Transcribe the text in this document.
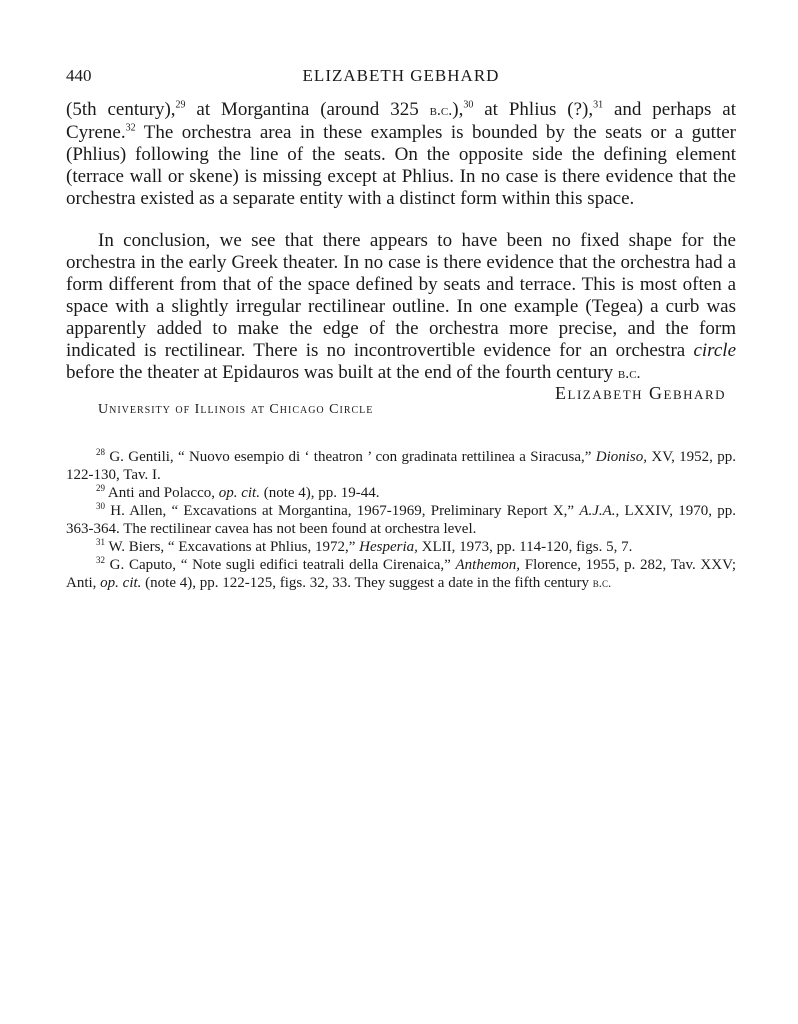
440	ELIZABETH GEBHARD

(5th century),$^{29}$ at Morgantina (around 325 b.c.),$^{30}$ at Phlius (?),$^{31}$ and perhaps at Cyrene.$^{32}$ The orchestra area in these examples is bounded by the seats or a gutter (Phlius) following the line of the seats. On the opposite side the defining element (terrace wall or skene) is missing except at Phlius. In no case is there evidence that the orchestra existed as a separate entity with a distinct form within this space.

In conclusion, we see that there appears to have been no fixed shape for the orchestra in the early Greek theater. In no case is there evidence that the orchestra had a form different from that of the space defined by seats and terrace. This is most often a space with a slightly irregular rectilinear outline. In one example (Tegea) a curb was apparently added to make the edge of the orchestra more precise, and the form indicated is rectilinear. There is no incontrovertible evidence for an orchestra circle before the theater at Epidauros was built at the end of the fourth century b.c.

Elizabeth Gebhard
University of Illinois at Chicago Circle

$^{28}$ G. Gentili, “ Nuovo esempio di ‘ theatron ’ con gradinata rettilinea a Siracusa,” Dioniso, XV, 1952, pp. 122-130, Tav. I.

$^{29}$ Anti and Polacco, op. cit. (note 4), pp. 19-44.

$^{30}$ H. Allen, “ Excavations at Morgantina, 1967-1969, Preliminary Report X,” A.J.A., LXXIV, 1970, pp. 363-364. The rectilinear cavea has not been found at orchestra level.

$^{31}$ W. Biers, “ Excavations at Phlius, 1972,” Hesperia, XLII, 1973, pp. 114-120, figs. 5, 7.

$^{32}$ G. Caputo, “ Note sugli edifici teatrali della Cirenaica,” Anthemon, Florence, 1955, p. 282, Tav. XXV; Anti, op. cit. (note 4), pp. 122-125, figs. 32, 33. They suggest a date in the fifth century b.c.
